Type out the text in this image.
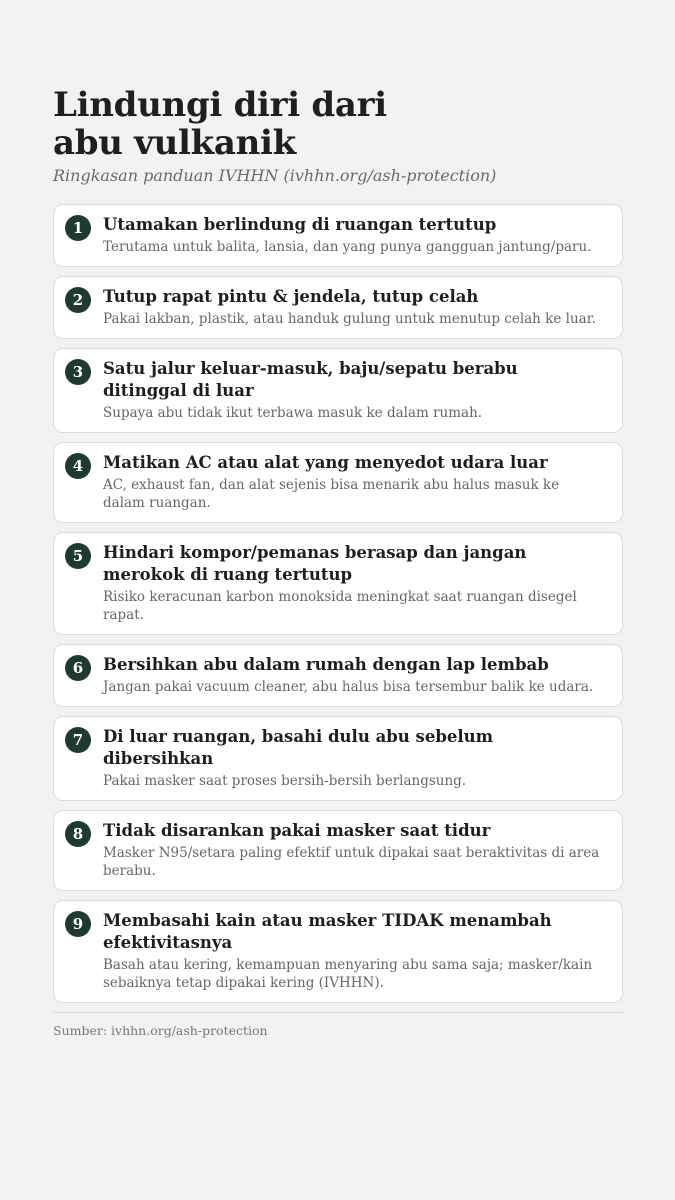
Lindungi diri dari
abu vulkanik
Ringkasan panduan IVHHN (ivhhn.org/ash-protection)
1	Utamakan berlindung di ruangan tertutup
Terutama untuk balita, lansia, dan yang punya gangguan jantung/paru.
2	Tutup rapat pintu & jendela, tutup celah
Pakai lakban, plastik, atau handuk gulung untuk menutup celah ke luar.
3	Satu jalur keluar-masuk, baju/sepatu berabu ditinggal di luar
Supaya abu tidak ikut terbawa masuk ke dalam rumah.
4	Matikan AC atau alat yang menyedot udara luar
AC, exhaust fan, dan alat sejenis bisa menarik abu halus masuk ke dalam ruangan.
5	Hindari kompor/pemanas berasap dan jangan merokok di ruang tertutup
Risiko keracunan karbon monoksida meningkat saat ruangan disegel rapat.
6	Bersihkan abu dalam rumah dengan lap lembab
Jangan pakai vacuum cleaner, abu halus bisa tersembur balik ke udara.
7	Di luar ruangan, basahi dulu abu sebelum dibersihkan
Pakai masker saat proses bersih-bersih berlangsung.
8	Tidak disarankan pakai masker saat tidur
Masker N95/setara paling efektif untuk dipakai saat beraktivitas di area berabu.
9	Membasahi kain atau masker TIDAK menambah efektivitasnya
Basah atau kering, kemampuan menyaring abu sama saja; masker/kain sebaiknya tetap dipakai kering (IVHHN).
Sumber: ivhhn.org/ash-protection
